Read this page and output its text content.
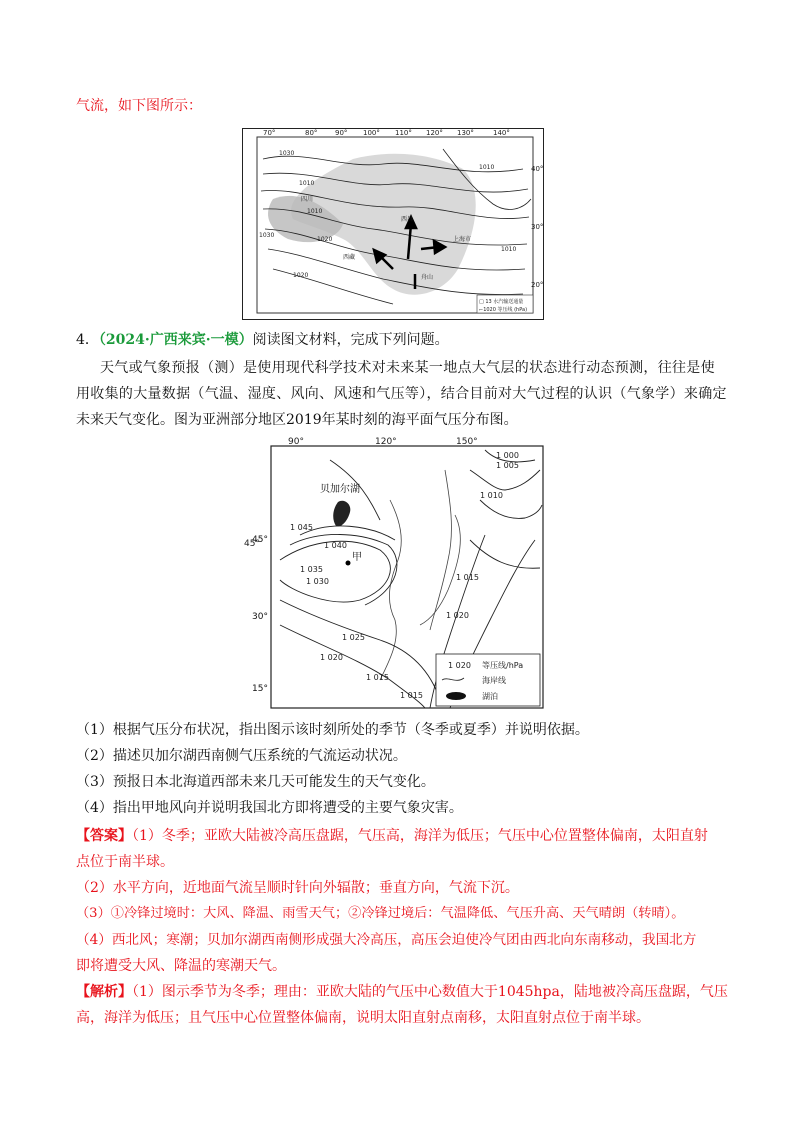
气流，如下图所示：
70°	80°	90° 100° 110° 120° 130°	140°
40°
30°
20°
1030
1010
1010
1020
1030
1020
1010
1010
四川
西藏
上海市
西昌
舟山
□ 13 水汽输送通量
⌐1020 等压线 (hPa)
4．（2024·广西来宾·一模）阅读图文材料，完成下列问题。
天气或气象预报（测）是使用现代科学技术对未来某一地点大气层的状态进行动态预测，往往是使
用收集的大量数据（气温、湿度、风向、风速和气压等），结合目前对大气过程的认识（气象学）来确定
未来天气变化。图为亚洲部分地区2019年某时刻的海平面气压分布图。
90°	120°	150°
贝加尔湖
甲
1 045
1 040
1 035
1 030
1 025
1 020
1 015
1 015
1 020
1 010
1 005
1 000
1 015
1 020 等压线/hPa
海岸线
湖泊
45°
45°
30°
15°
（1）根据气压分布状况，指出图示该时刻所处的季节（冬季或夏季）并说明依据。
（2）描述贝加尔湖西南侧气压系统的气流运动状况。
（3）预报日本北海道西部未来几天可能发生的天气变化。
（4）指出甲地风向并说明我国北方即将遭受的主要气象灾害。
【答案】（1）冬季；亚欧大陆被冷高压盘踞，气压高，海洋为低压；气压中心位置整体偏南，太阳直射
点位于南半球。
（2）水平方向，近地面气流呈顺时针向外辐散；垂直方向，气流下沉。
（3）①冷锋过境时：大风、降温、雨雪天气；②冷锋过境后：气温降低、气压升高、天气晴朗（转晴）。
（4）西北风；寒潮；贝加尔湖西南侧形成强大冷高压，高压会迫使冷气团由西北向东南移动，我国北方
即将遭受大风、降温的寒潮天气。
【解析】（1）图示季节为冬季；理由：亚欧大陆的气压中心数值大于1045hpa，陆地被冷高压盘踞，气压
高，海洋为低压；且气压中心位置整体偏南，说明太阳直射点南移，太阳直射点位于南半球。
